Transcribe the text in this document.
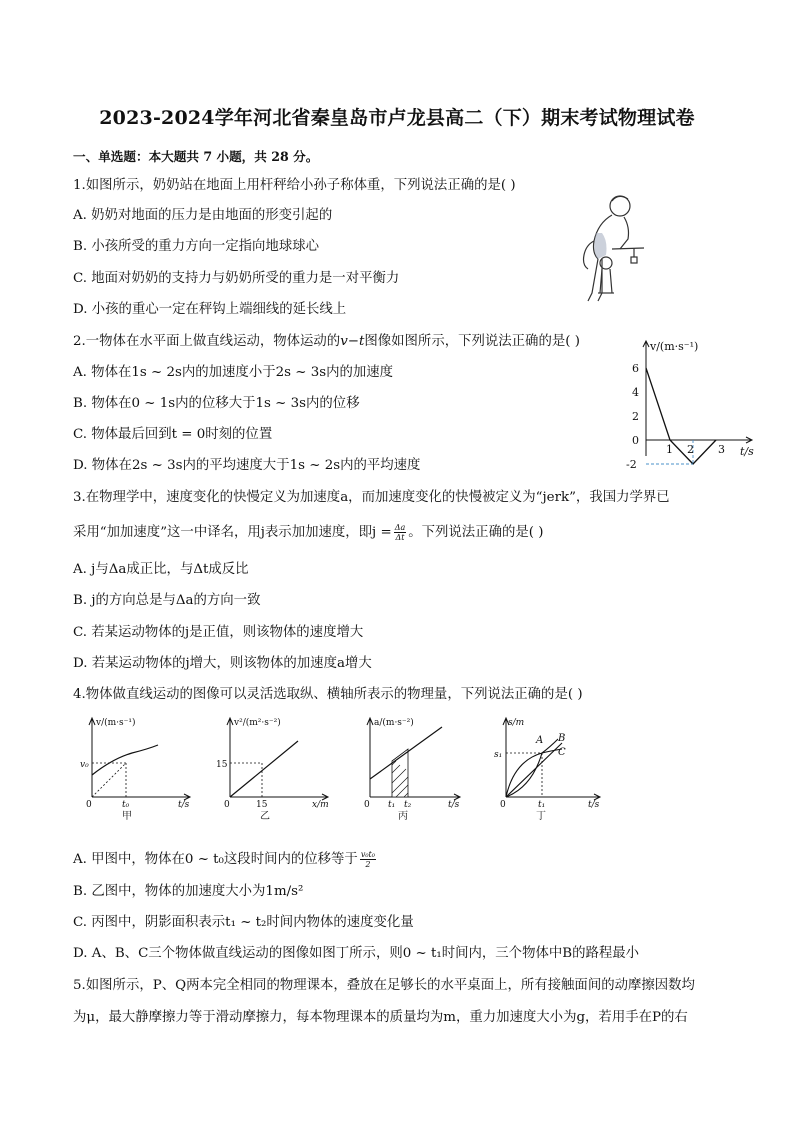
2023-2024学年河北省秦皇岛市卢龙县高二（下）期末考试物理试卷
一、单选题：本大题共 7 小题，共 28 分。
1.如图所示，奶奶站在地面上用杆秤给小孙子称体重，下列说法正确的是( )
A. 奶奶对地面的压力是由地面的形变引起的
B. 小孩所受的重力方向一定指向地球球心
C. 地面对奶奶的支持力与奶奶所受的重力是一对平衡力
D. 小孩的重心一定在秤钩上端细线的延长线上
2.一物体在水平面上做直线运动，物体运动的v−t图像如图所示，下列说法正确的是( )
A. 物体在1s ~ 2s内的加速度小于2s ~ 3s内的加速度
B. 物体在0 ~ 1s内的位移大于1s ~ 3s内的位移
C. 物体最后回到t = 0时刻的位置
D. 物体在2s ~ 3s内的平均速度大于1s ~ 2s内的平均速度
v/(m·s⁻¹)
t/s
6
4
2
0
-2
1 2 3
3.在物理学中，速度变化的快慢定义为加速度a，而加速度变化的快慢被定义为“jerk”，我国力学界已
采用“加加速度”这一中译名，用j表示加加速度，即$j = \frac{\Delta a}{\Delta t}$ 。下列说法正确的是( )
A. j与Δa成正比，与Δt成反比
B. j的方向总是与Δa的方向一致
C. 若某运动物体的j是正值，则该物体的速度增大
D. 若某运动物体的j增大，则该物体的加速度a增大
4.物体做直线运动的图像可以灵活选取纵、横轴所表示的物理量，下列说法正确的是( )
v/(m·s⁻¹)
v₀
t₀
0	t/s
甲
v²/(m²·s⁻²)
15
15
0	x/m
乙
a/(m·s⁻²)
t₁ t₂
0	t/s
丙
s/m
s₁
t₁
0	t/s
A B
C
丁
A. 甲图中，物体在0 ~ t₀这段时间内的位移等于 $\frac{\text{v₀t₀}}{2}$
B. 乙图中，物体的加速度大小为1m/s²
C. 丙图中，阴影面积表示t₁ ~ t₂时间内物体的速度变化量
D. A、B、C三个物体做直线运动的图像如图丁所示，则0 ~ t₁时间内，三个物体中B的路程最小
5.如图所示，P、Q两本完全相同的物理课本，叠放在足够长的水平桌面上，所有接触面间的动摩擦因数均
为μ，最大静摩擦力等于滑动摩擦力，每本物理课本的质量均为m，重力加速度大小为g，若用手在P的右
